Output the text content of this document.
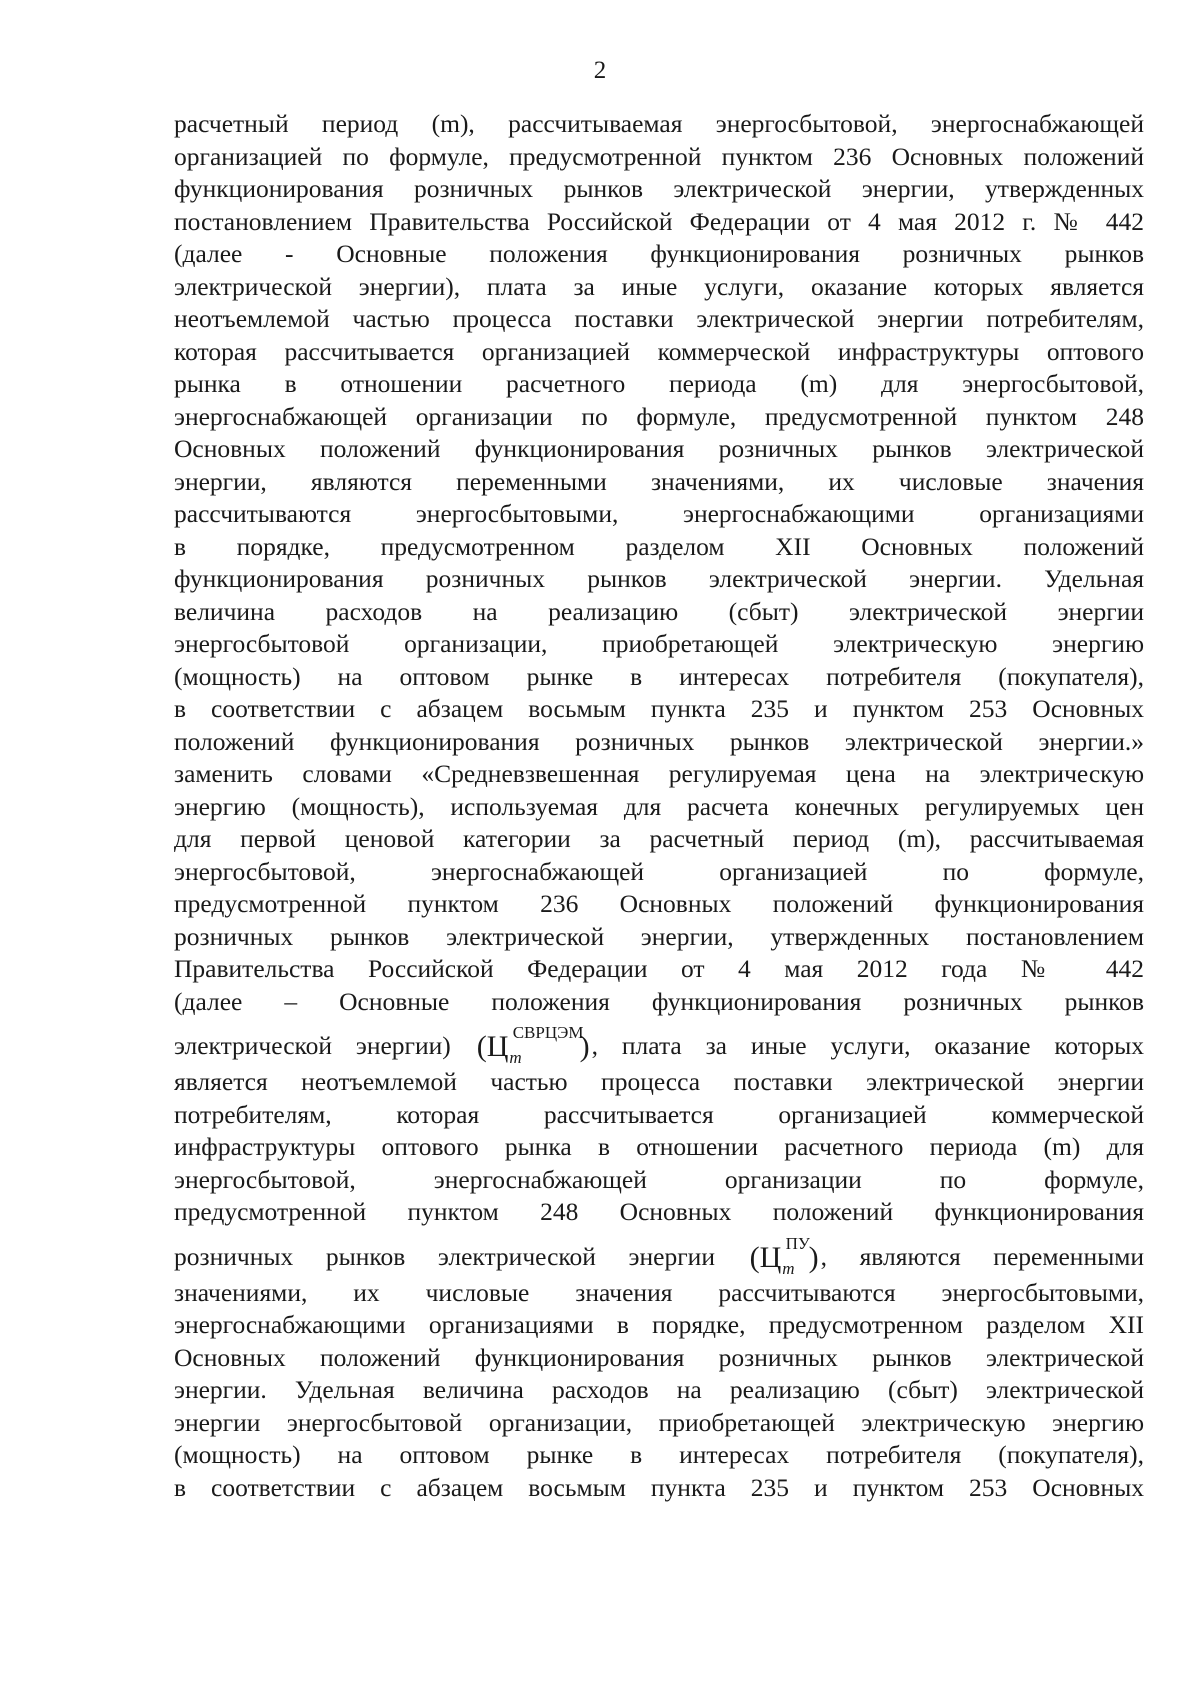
2
расчетный период (m), рассчитываемая энергосбытовой, энергоснабжающей
организацией по формуле, предусмотренной пунктом 236 Основных положений
функционирования розничных рынков электрической энергии, утвержденных
постановлением Правительства Российской Федерации от 4 мая 2012 г. № 442
(далее - Основные положения функционирования розничных рынков
электрической энергии), плата за иные услуги, оказание которых является
неотъемлемой частью процесса поставки электрической энергии потребителям,
которая рассчитывается организацией коммерческой инфраструктуры оптового
рынка в отношении расчетного периода (m) для энергосбытовой,
энергоснабжающей организации по формуле, предусмотренной пунктом 248
Основных положений функционирования розничных рынков электрической
энергии, являются переменными значениями, их числовые значения
рассчитываются энергосбытовыми, энергоснабжающими организациями
в порядке, предусмотренном разделом XII Основных положений
функционирования розничных рынков электрической энергии. Удельная
величина расходов на реализацию (сбыт) электрической энергии
энергосбытовой организации, приобретающей электрическую энергию
(мощность) на оптовом рынке в интересах потребителя (покупателя),
в соответствии с абзацем восьмым пункта 235 и пунктом 253 Основных
положений функционирования розничных рынков электрической энергии.»
заменить словами «Средневзвешенная регулируемая цена на электрическую
энергию (мощность), используемая для расчета конечных регулируемых цен
для первой ценовой категории за расчетный период (m), рассчитываемая
энергосбытовой, энергоснабжающей организацией по формуле,
предусмотренной пунктом 236 Основных положений функционирования
розничных рынков электрической энергии, утвержденных постановлением
Правительства Российской Федерации от 4 мая 2012 года № 442
(далее – Основные положения функционирования розничных рынков
электрической энергии) ($Ц_m$
СВРЦЭМ
), плата за иные услуги, оказание которых
является неотъемлемой частью процесса поставки электрической энергии
потребителям, которая рассчитывается организацией коммерческой
инфраструктуры оптового рынка в отношении расчетного периода (m) для
энергосбытовой, энергоснабжающей организации по формуле,
предусмотренной пунктом 248 Основных положений функционирования
розничных рынков электрической энергии ($Ц_m$
ПУ
), являются переменными
значениями, их числовые значения рассчитываются энергосбытовыми,
энергоснабжающими организациями в порядке, предусмотренном разделом XII
Основных положений функционирования розничных рынков электрической
энергии. Удельная величина расходов на реализацию (сбыт) электрической
энергии энергосбытовой организации, приобретающей электрическую энергию
(мощность) на оптовом рынке в интересах потребителя (покупателя),
в соответствии с абзацем восьмым пункта 235 и пунктом 253 Основных
